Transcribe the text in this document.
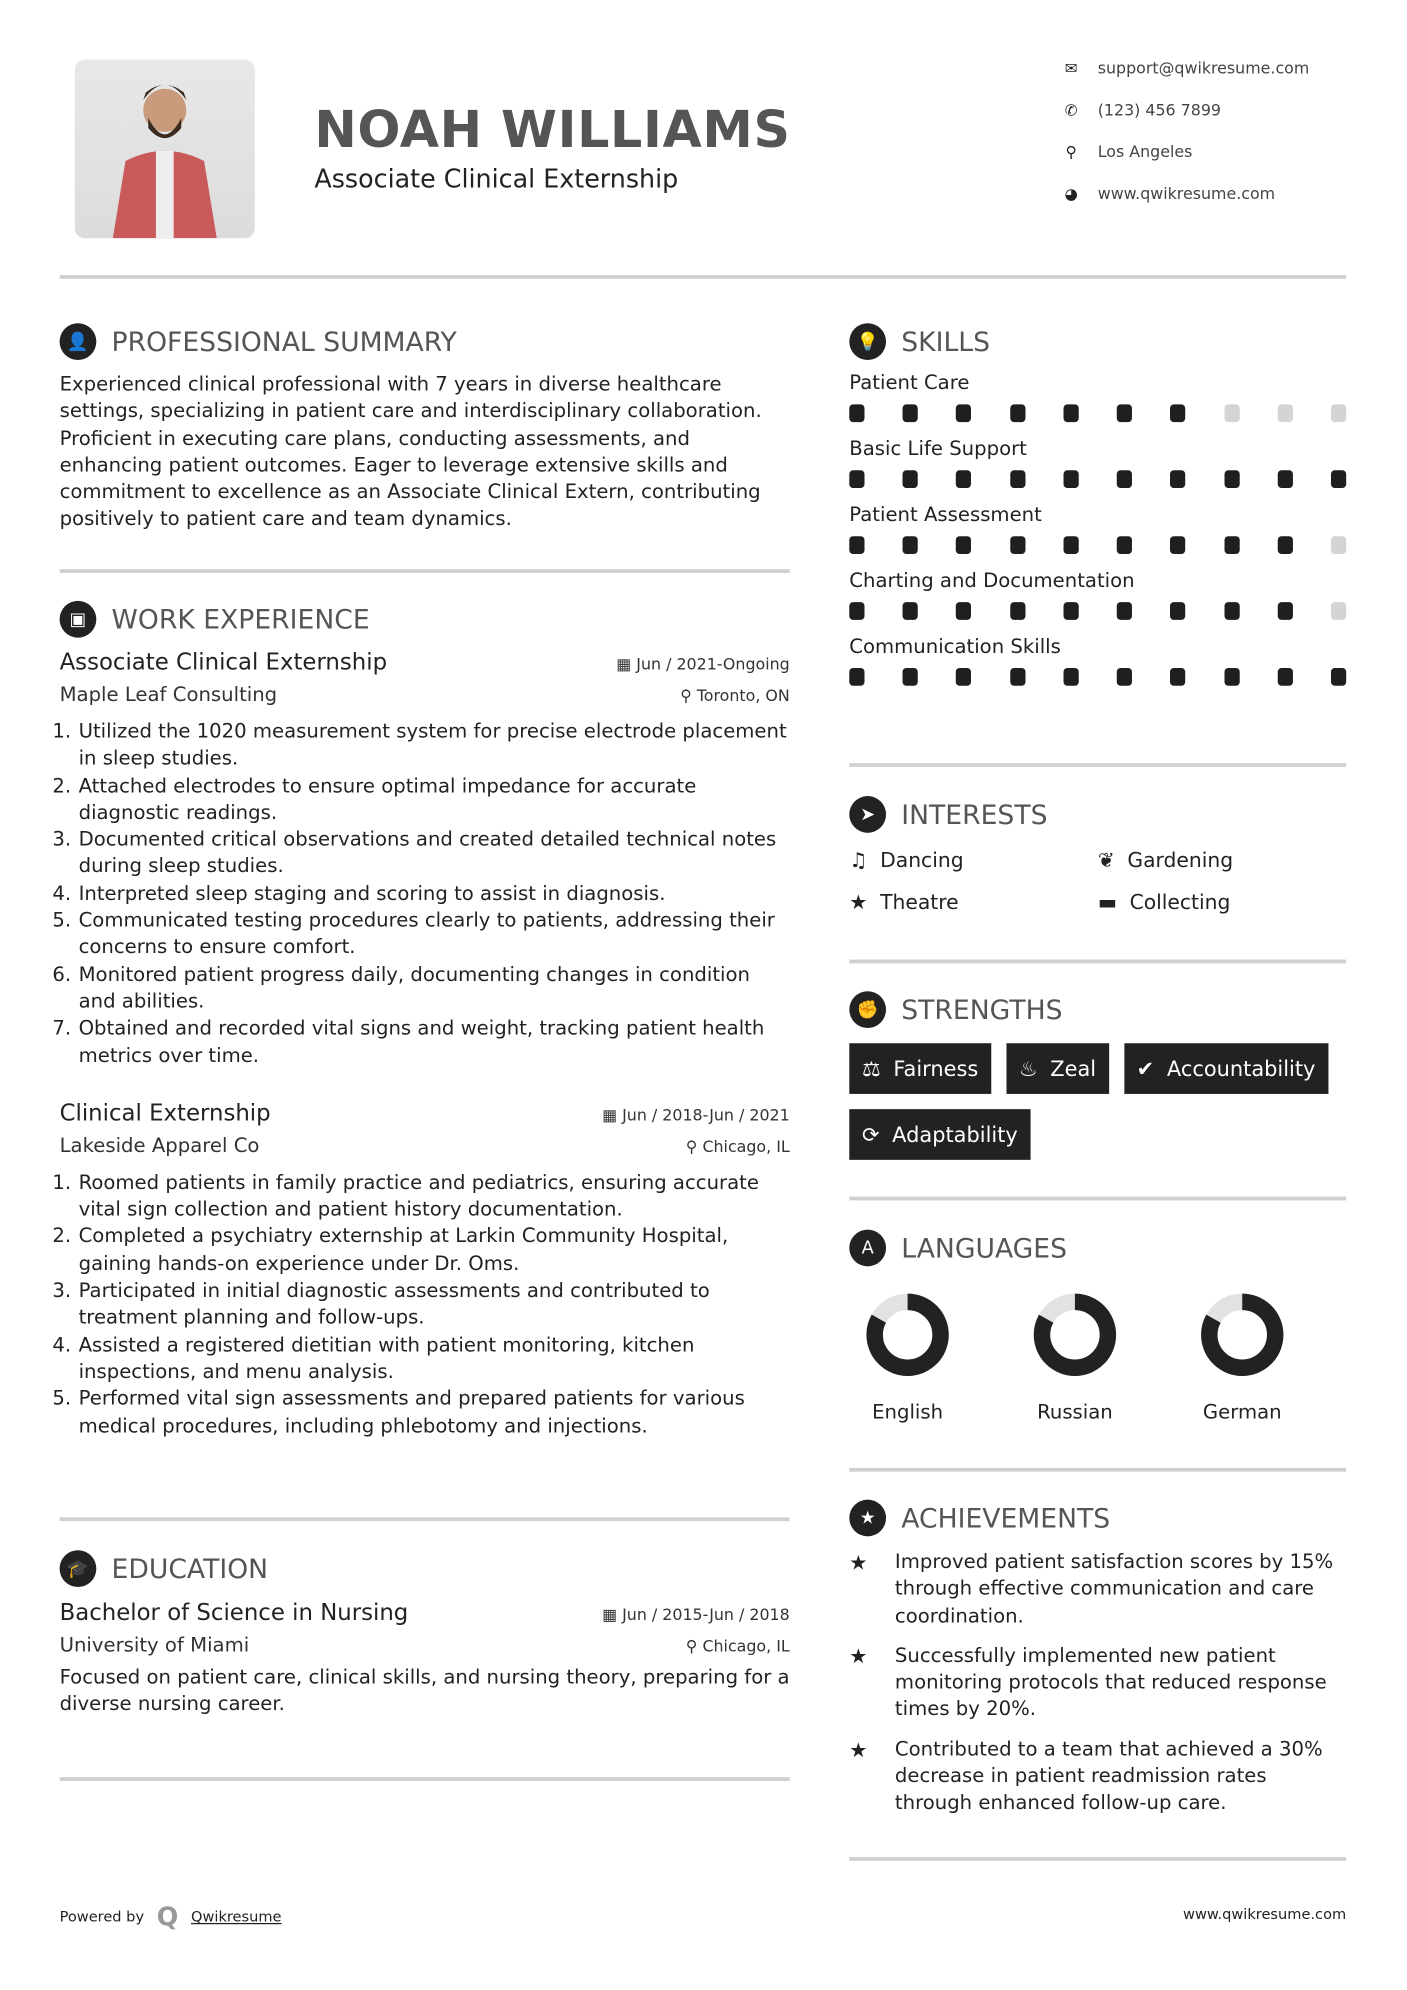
NOAH WILLIAMS
Associate Clinical Externship
✉ support@qwikresume.com
✆ (123) 456 7899
⚲ Los Angeles
◕ www.qwikresume.com
👤	PROFESSIONAL SUMMARY

Experienced clinical professional with 7 years in diverse healthcare settings, specializing in patient care and interdisciplinary collaboration. Proficient in executing care plans, conducting assessments, and enhancing patient outcomes. Eager to leverage extensive skills and commitment to excellence as an Associate Clinical Extern, contributing positively to patient care and team dynamics.

▣	WORK EXPERIENCE
Associate Clinical Externship	▦ Jun / 2021-Ongoing
Maple Leaf Consulting	⚲ Toronto, ON
1. Utilized the 1020 measurement system for precise electrode placement in sleep studies.
2. Attached electrodes to ensure optimal impedance for accurate diagnostic readings.
3. Documented critical observations and created detailed technical notes during sleep studies.
4. Interpreted sleep staging and scoring to assist in diagnosis.
5. Communicated testing procedures clearly to patients, addressing their concerns to ensure comfort.
6. Monitored patient progress daily, documenting changes in condition and abilities.
7. Obtained and recorded vital signs and weight, tracking patient health metrics over time.
Clinical Externship	▦ Jun / 2018-Jun / 2021
Lakeside Apparel Co	⚲ Chicago, IL
1. Roomed patients in family practice and pediatrics, ensuring accurate vital sign collection and patient history documentation.
2. Completed a psychiatry externship at Larkin Community Hospital, gaining hands-on experience under Dr. Oms.
3. Participated in initial diagnostic assessments and contributed to treatment planning and follow-ups.
4. Assisted a registered dietitian with patient monitoring, kitchen inspections, and menu analysis.
5. Performed vital sign assessments and prepared patients for various medical procedures, including phlebotomy and injections.
🎓	EDUCATION
Bachelor of Science in Nursing	▦ Jun / 2015-Jun / 2018
University of Miami	⚲ Chicago, IL

Focused on patient care, clinical skills, and nursing theory, preparing for a diverse nursing career.

💡	SKILLS
Patient Care
Basic Life Support
Patient Assessment
Charting and Documentation
Communication Skills
➤	INTERESTS
♫ Dancing	❦ Gardening
★ Theatre	▬ Collecting
✊	STRENGTHS
⚖ Fairness ♨ Zeal ✔ Accountability
⟳ Adaptability
A	LANGUAGES
English	Russian	German
★	ACHIEVEMENTS
★	Improved patient satisfaction scores by 15% through effective communication and care coordination.
★	Successfully implemented new patient monitoring protocols that reduced response times by 20%.
★	Contributed to a team that achieved a 30% decrease in patient readmission rates through enhanced follow-up care.
Powered by Q Qwikresume	www.qwikresume.com
